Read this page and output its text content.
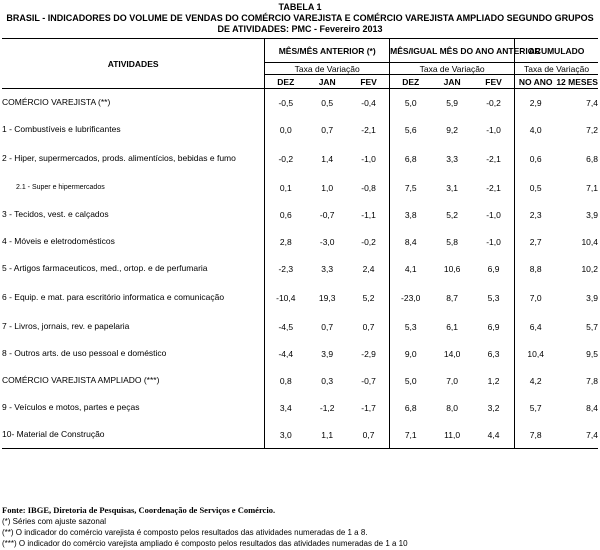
TABELA 1
BRASIL - INDICADORES DO VOLUME DE VENDAS DO COMÉRCIO VAREJISTA E COMÉRCIO VAREJISTA AMPLIADO SEGUNDO GRUPOS
DE ATIVIDADES: PMC - Fevereiro 2013
ATIVIDADES	MÊS/MÊS ANTERIOR (*)			MÊS/IGUAL MÊS DO ANO ANTERIOR			ACUMULADO	
	Taxa de Variação			Taxa de Variação			Taxa de Variação	
	DEZ	JAN	FEV	DEZ	JAN	FEV	NO ANO	12 MESES
COMÉRCIO VAREJISTA (**)	-0,5	0,5	-0,4	5,0	5,9	-0,2	2,9	7,4
1 - Combustíveis e lubrificantes	0,0	0,7	-2,1	5,6	9,2	-1,0	4,0	7,2
2 - Hiper, supermercados, prods. alimentícios, bebidas e fumo	-0,2	1,4	-1,0	6,8	3,3	-2,1	0,6	6,8
2.1 - Super e hipermercados	0,1	1,0	-0,8	7,5	3,1	-2,1	0,5	7,1
3 - Tecidos, vest. e calçados	0,6	-0,7	-1,1	3,8	5,2	-1,0	2,3	3,9
4 - Móveis e eletrodomésticos	2,8	-3,0	-0,2	8,4	5,8	-1,0	2,7	10,4
5 - Artigos farmaceuticos, med., ortop. e de perfumaria	-2,3	3,3	2,4	4,1	10,6	6,9	8,8	10,2
6 - Equip. e mat. para escritório informatica e comunicação	-10,4	19,3	5,2	-23,0	8,7	5,3	7,0	3,9
7 - Livros, jornais, rev. e papelaria	-4,5	0,7	0,7	5,3	6,1	6,9	6,4	5,7
8 - Outros arts. de uso pessoal e doméstico	-4,4	3,9	-2,9	9,0	14,0	6,3	10,4	9,5
COMÉRCIO VAREJISTA AMPLIADO (***)	0,8	0,3	-0,7	5,0	7,0	1,2	4,2	7,8
9 - Veículos e motos, partes e peças	3,4	-1,2	-1,7	6,8	8,0	3,2	5,7	8,4
10- Material de Construção	3,0	1,1	0,7	7,1	11,0	4,4	7,8	7,4
Fonte: IBGE, Diretoria de Pesquisas, Coordenação de Serviços e Comércio.
(*) Séries com ajuste sazonal
(**) O indicador do comércio varejista é composto pelos resultados das atividades numeradas de 1 a 8.
(***) O indicador do comércio varejista ampliado é composto pelos resultados das atividades numeradas de 1 a 10
